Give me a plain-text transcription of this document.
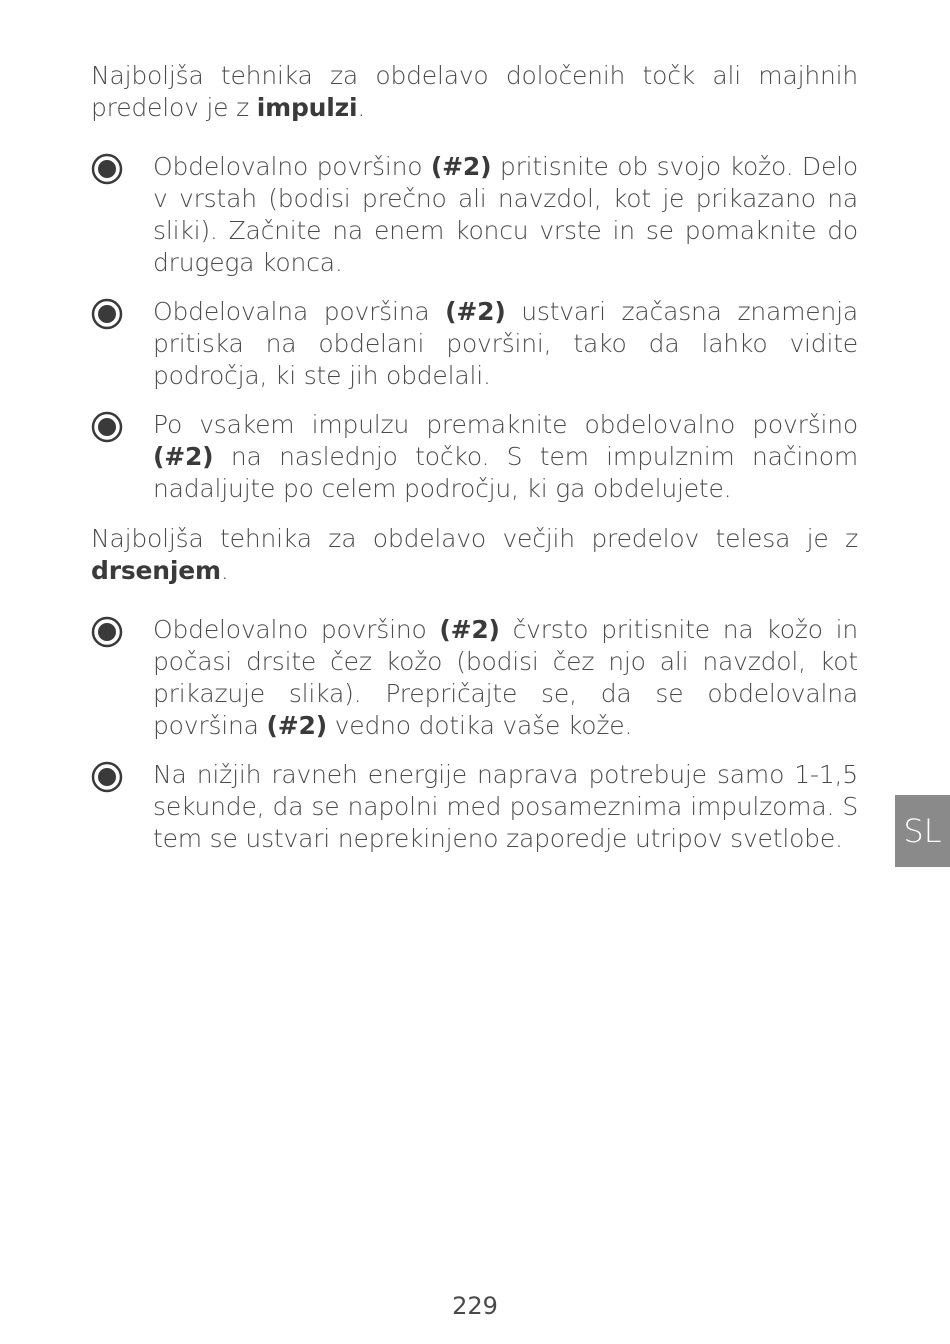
Najboljša tehnika za obdelavo določenih točk ali majhnih predelov je z impulzi.

Obdelovalno površino (#2) pritisnite ob svojo kožo. Delo v vrstah (bodisi prečno ali navzdol, kot je prikazano na sliki). Začnite na enem koncu vrste in se pomaknite do drugega konca.

Obdelovalna površina (#2) ustvari začasna znamenja pritiska na obdelani površini, tako da lahko vidite področja, ki ste jih obdelali.

Po vsakem impulzu premaknite obdelovalno površino (#2) na naslednjo točko. S tem impulznim načinom nadaljujte po celem področju, ki ga obdelujete.

Najboljša tehnika za obdelavo večjih predelov telesa je z drsenjem.

Obdelovalno površino (#2) čvrsto pritisnite na kožo in počasi drsite čez kožo (bodisi čez njo ali navzdol, kot prikazuje slika). Prepričajte se, da se obdelovalna površina (#2) vedno dotika vaše kože.

Na nižjih ravneh energije naprava potrebuje samo 1-1,5 sekunde, da se napolni med posameznima impulzoma. S tem se ustvari neprekinjeno zaporedje utripov svetlobe.	SL
229
